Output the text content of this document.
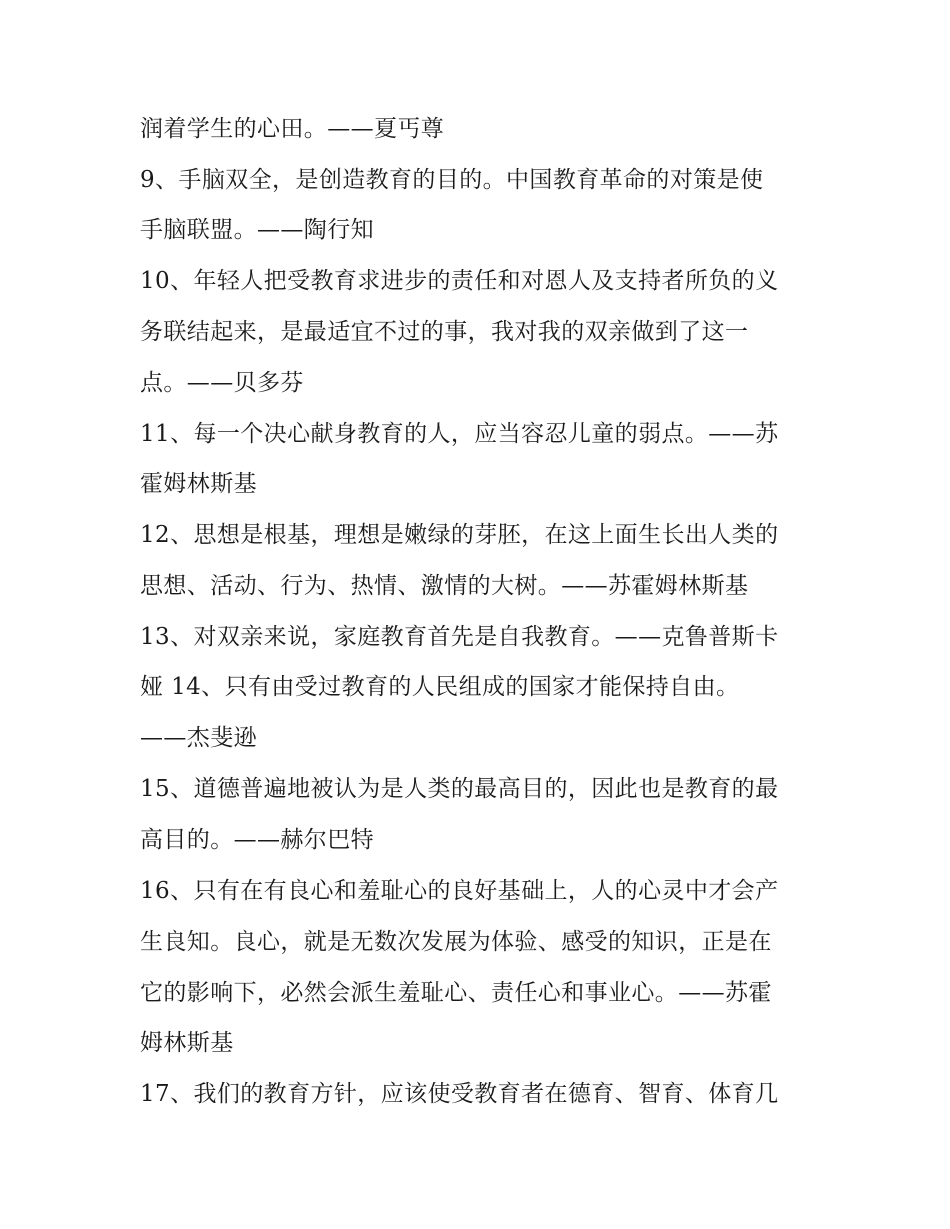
润着学生的心田。——夏丐尊
9、手脑双全，是创造教育的目的。中国教育革命的对策是使
手脑联盟。——陶行知
10、年轻人把受教育求进步的责任和对恩人及支持者所负的义
务联结起来，是最适宜不过的事，我对我的双亲做到了这一
点。——贝多芬
11、每一个决心献身教育的人，应当容忍儿童的弱点。——苏
霍姆林斯基
12、思想是根基，理想是嫩绿的芽胚，在这上面生长出人类的
思想、活动、行为、热情、激情的大树。——苏霍姆林斯基
13、对双亲来说，家庭教育首先是自我教育。——克鲁普斯卡
娅 14、只有由受过教育的人民组成的国家才能保持自由。
——杰斐逊
15、道德普遍地被认为是人类的最高目的，因此也是教育的最
高目的。——赫尔巴特
16、只有在有良心和羞耻心的良好基础上，人的心灵中才会产
生良知。良心，就是无数次发展为体验、感受的知识，正是在
它的影响下，必然会派生羞耻心、责任心和事业心。——苏霍
姆林斯基
17、我们的教育方针，应该使受教育者在德育、智育、体育几
